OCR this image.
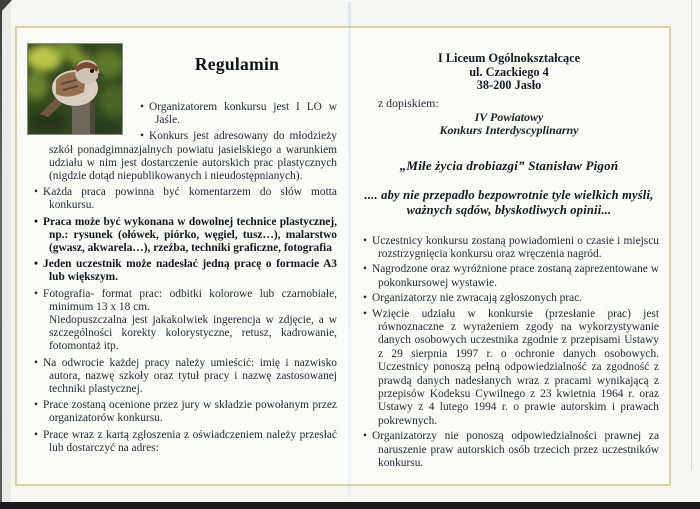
Regulamin
• Organizatorem konkursu jest I LO w Jaśle.
• Konkurs jest adresowany do młodzieży szkół ponadgimnazjalnych powiatu jasielskiego a warunkiem udziału w nim jest dostarczenie autorskich prac plastycznych (nigdzie dotąd niepublikowanych i nieudostępnianych).
• Każda praca powinna być komentarzem do słów motta konkursu.
• Praca może być wykonana w dowolnej technice plastycznej, np.: rysunek (ołówek, piórko, węgiel, tusz…), malarstwo (gwasz, akwarela…), rzeźba, techniki graficzne, fotografia
• Jeden uczestnik może nadesłać jedną pracę o formacie A3 lub większym.
• Fotografia- format prac: odbitki kolorowe lub czarnobiałe, minimum 13 x 18 cm.
Niedopuszczalna jest jakakolwiek ingerencja w zdjęcie, a w szczególności korekty kolorystyczne, retusz, kadrowanie, fotomontaż itp.
• Na odwrocie każdej pracy należy umieścić: imię i nazwisko autora, nazwę szkoły oraz tytuł pracy i nazwę zastosowanej techniki plastycznej.
• Prace zostaną ocenione przez jury w składzie powołanym przez organizatorów konkursu.
• Prace wraz z kartą zgłoszenia z oświadczeniem należy przesłać lub dostarczyć na adres:
I Liceum Ogólnokształcące
ul. Czackiego 4
38-200 Jasło
z dopiskiem:
IV Powiatowy
Konkurs Interdyscyplinarny
„Miłe życia drobiazgi” Stanisław Pigoń
.... aby nie przepadło bezpowrotnie tyle wielkich myśli,
ważnych sądów, błyskotliwych opinii...
• Uczestnicy konkursu zostaną powiadomieni o czasie i miejscu rozstrzygnięcia konkursu oraz wręczenia nagród.
• Nagrodzone oraz wyróżnione prace zostaną zaprezentowane w pokonkursowej wystawie.
• Organizatorzy nie zwracają zgłoszonych prac.
• Wzięcie udziału w konkursie (przesłanie prac) jest równoznaczne z wyrażeniem zgody na wykorzystywanie danych osobowych uczestnika zgodnie z przepisami Ustawy z 29 sierpnia 1997 r. o ochronie danych osobowych. Uczestnicy ponoszą pełną odpowiedzialność za zgodność z prawdą danych nadesłanych wraz z pracami wynikającą z przepisów Kodeksu Cywilnego z 23 kwietnia 1964 r. oraz Ustawy z 4 lutego 1994 r. o prawie autorskim i prawach pokrewnych.
• Organizatorzy nie ponoszą odpowiedzialności prawnej za naruszenie praw autorskich osób trzecich przez uczestników konkursu.
